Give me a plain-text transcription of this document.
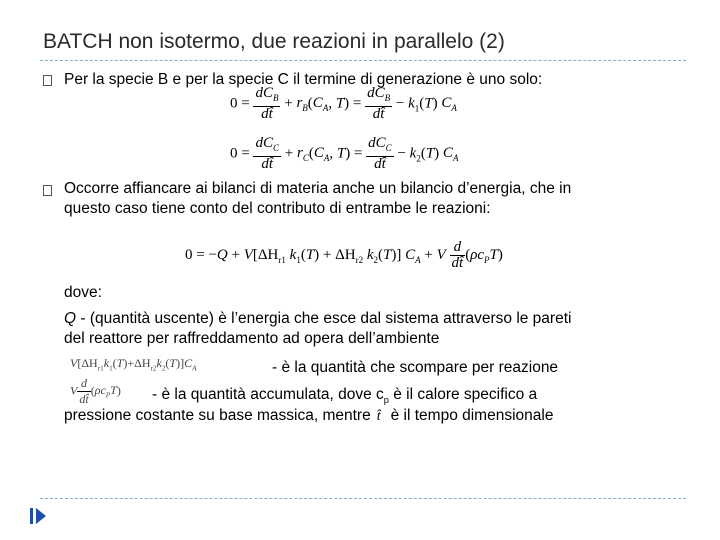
BATCH non isotermo, due reazioni in parallelo (2)
Per la specie B e per la specie C il termine di generazione è uno solo:
$0 = \frac{dC_B}{dt̂} + r_B(C_A$, $T) = \frac{dC_B}{dt̂} - k_1(T)$ $C_A$
$0 = \frac{dC_C}{dt̂} + r_C(C_A$, $T) = \frac{dC_C}{dt̂} - k_2(T)$ $C_A$
Occorre affiancare ai bilanci di materia anche un bilancio d’energia, che in
questo caso tiene conto del contributo di entrambe le reazioni:
$0 = -Q + V[\Delta H_{r1}$ $k_1(T) + \Delta H_{r2}$ $k_2(T)$] $C_A + V \frac{d}{dt̂} (\rho c_PT)$
dove:
Q - (quantità uscente) è l’energia che esce dal sistema attraverso le pareti
del reattore per raffreddamento ad opera dell’ambiente
$V[\Delta H_{r1}k_1(T)+\Delta H_{r2}k_2(T)]C_A$	- è la quantità che scompare per reazione
V $\frac{d}{dt̂} (\rho c_PT)$ - è la quantità accumulata, dove $c_p$ è il calore specifico a
pressione costante su base massica, mentre t̂ è il tempo dimensionale
